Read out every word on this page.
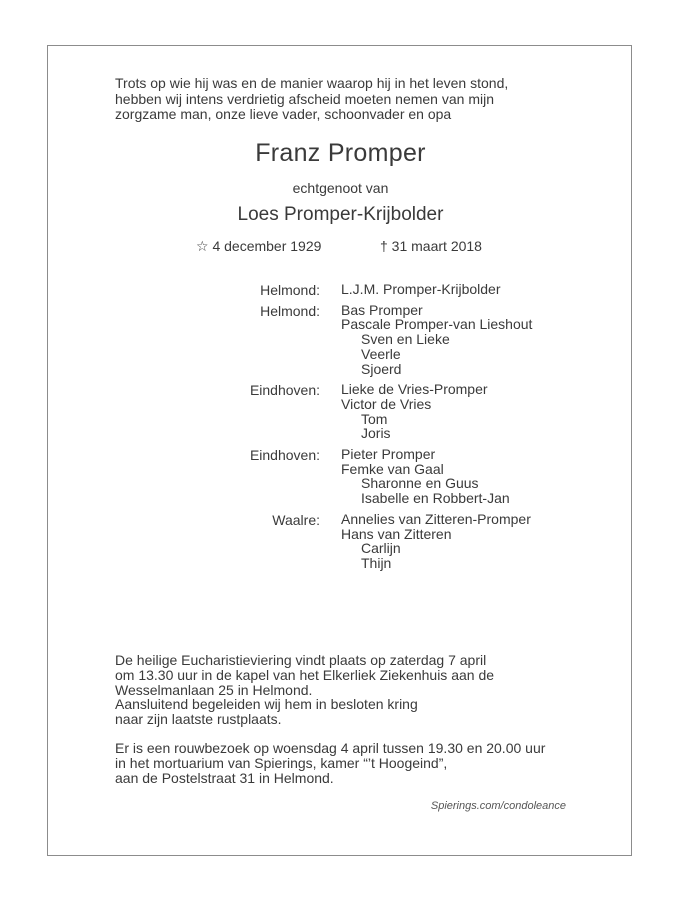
Trots op wie hij was en de manier waarop hij in het leven stond,
hebben wij intens verdrietig afscheid moeten nemen van mijn
zorgzame man, onze lieve vader, schoonvader en opa
Franz Promper
echtgenoot van
Loes Promper-Krijbolder
☆ 4 december 1929	† 31 maart 2018
Helmond: L.J.M. Promper-Krijbolder
Helmond: Bas Promper
Pascale Promper-van Lieshout
Sven en Lieke
Veerle
Sjoerd
Eindhoven: Lieke de Vries-Promper
Victor de Vries
Tom
Joris
Eindhoven: Pieter Promper
Femke van Gaal
Sharonne en Guus
Isabelle en Robbert-Jan
Waalre: Annelies van Zitteren-Promper
Hans van Zitteren
Carlijn
Thijn

De heilige Eucharistieviering vindt plaats op zaterdag 7 april
om 13.30 uur in de kapel van het Elkerliek Ziekenhuis aan de
Wesselmanlaan 25 in Helmond.
Aansluitend begeleiden wij hem in besloten kring
naar zijn laatste rustplaats.

Er is een rouwbezoek op woensdag 4 april tussen 19.30 en 20.00 uur
in het mortuarium van Spierings, kamer “’t Hoogeind”,
aan de Postelstraat 31 in Helmond.

Spierings.com/condoleance
